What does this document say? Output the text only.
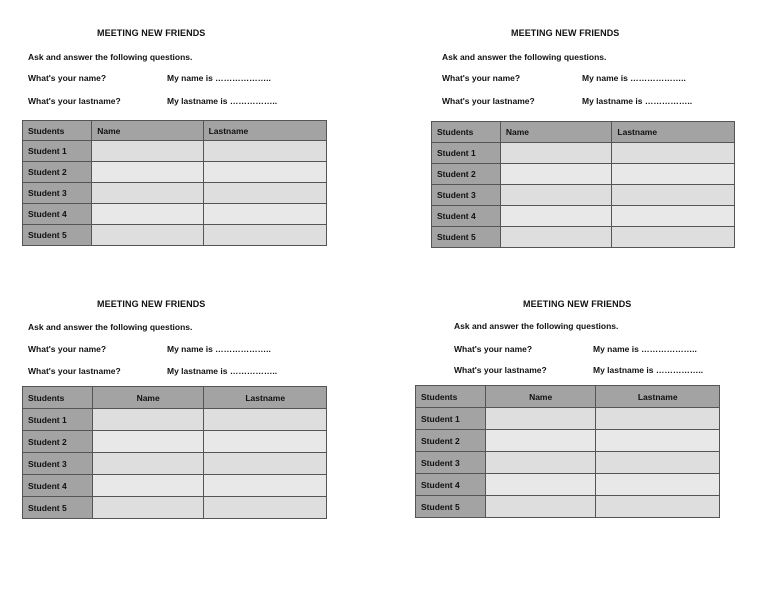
MEETING NEW FRIENDS
Ask and answer the following questions.
What's your name?	My name is ………………..
What's your lastname?	My lastname is ……………..
Students	Name	Lastname
Student 1		
Student 2		
Student 3		
Student 4		
Student 5		
MEETING NEW FRIENDS
Ask and answer the following questions.
What's your name?	My name is ………………..
What's your lastname?	My lastname is ……………..
Students	Name	Lastname
Student 1		
Student 2		
Student 3		
Student 4		
Student 5		
MEETING NEW FRIENDS
Ask and answer the following questions.
What's your name?	My name is ………………..
What's your lastname?	My lastname is ……………..
Students	Name	Lastname
Student 1		
Student 2		
Student 3		
Student 4		
Student 5		
MEETING NEW FRIENDS
Ask and answer the following questions.
What's your name?	My name is ………………..
What's your lastname?	My lastname is ……………..
Students	Name	Lastname
Student 1		
Student 2		
Student 3		
Student 4		
Student 5		
